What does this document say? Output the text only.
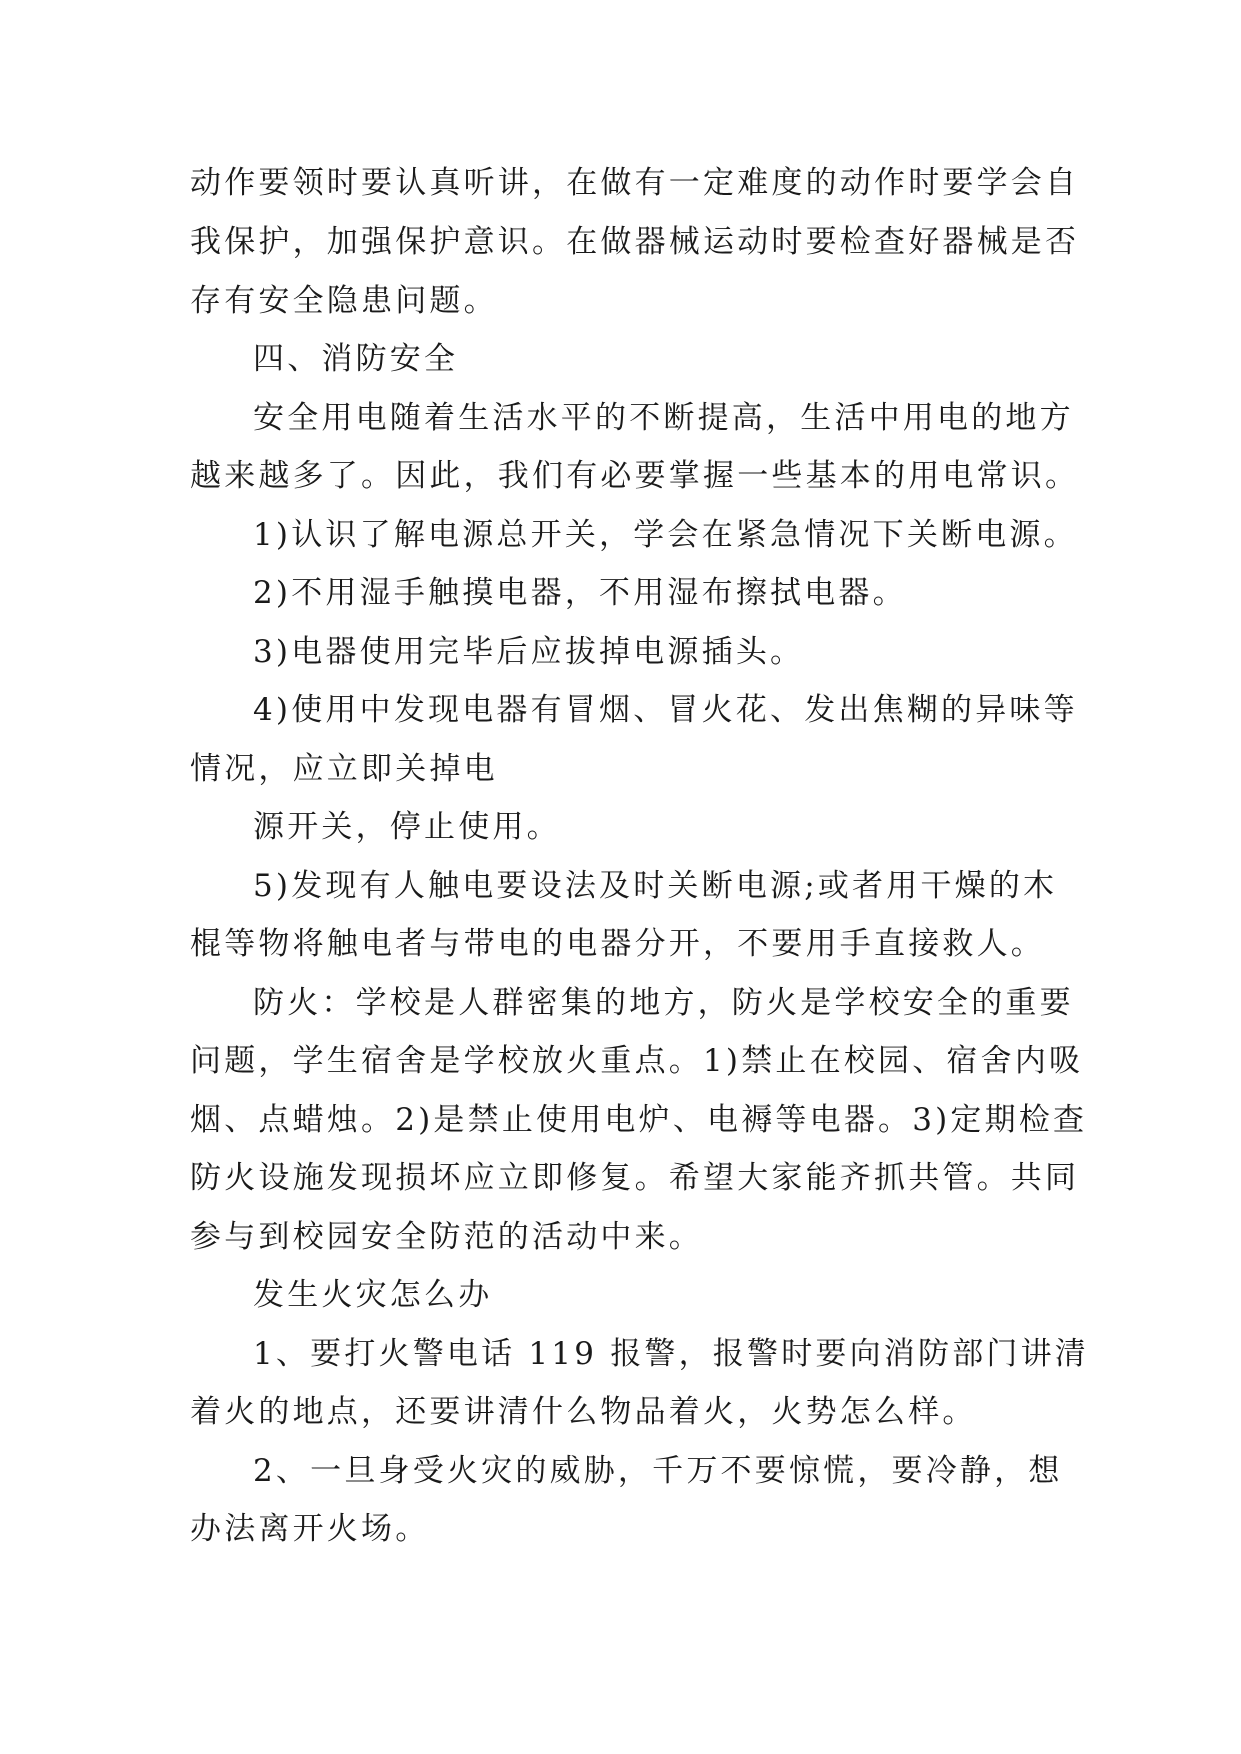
动作要领时要认真听讲，在做有一定难度的动作时要学会自
我保护，加强保护意识。在做器械运动时要检查好器械是否
存有安全隐患问题。
四、消防安全
安全用电随着生活水平的不断提高，生活中用电的地方
越来越多了。因此，我们有必要掌握一些基本的用电常识。
1)认识了解电源总开关，学会在紧急情况下关断电源。
2)不用湿手触摸电器，不用湿布擦拭电器。
3)电器使用完毕后应拔掉电源插头。
4)使用中发现电器有冒烟、冒火花、发出焦糊的异味等
情况，应立即关掉电
源开关，停止使用。
5)发现有人触电要设法及时关断电源;或者用干燥的木
棍等物将触电者与带电的电器分开，不要用手直接救人。
防火：学校是人群密集的地方，防火是学校安全的重要
问题，学生宿舍是学校放火重点。1)禁止在校园、宿舍内吸
烟、点蜡烛。2)是禁止使用电炉、电褥等电器。3)定期检查
防火设施发现损坏应立即修复。希望大家能齐抓共管。共同
参与到校园安全防范的活动中来。
发生火灾怎么办
1、要打火警电话 119 报警，报警时要向消防部门讲清
着火的地点，还要讲清什么物品着火，火势怎么样。
2、一旦身受火灾的威胁，千万不要惊慌，要冷静，想
办法离开火场。
